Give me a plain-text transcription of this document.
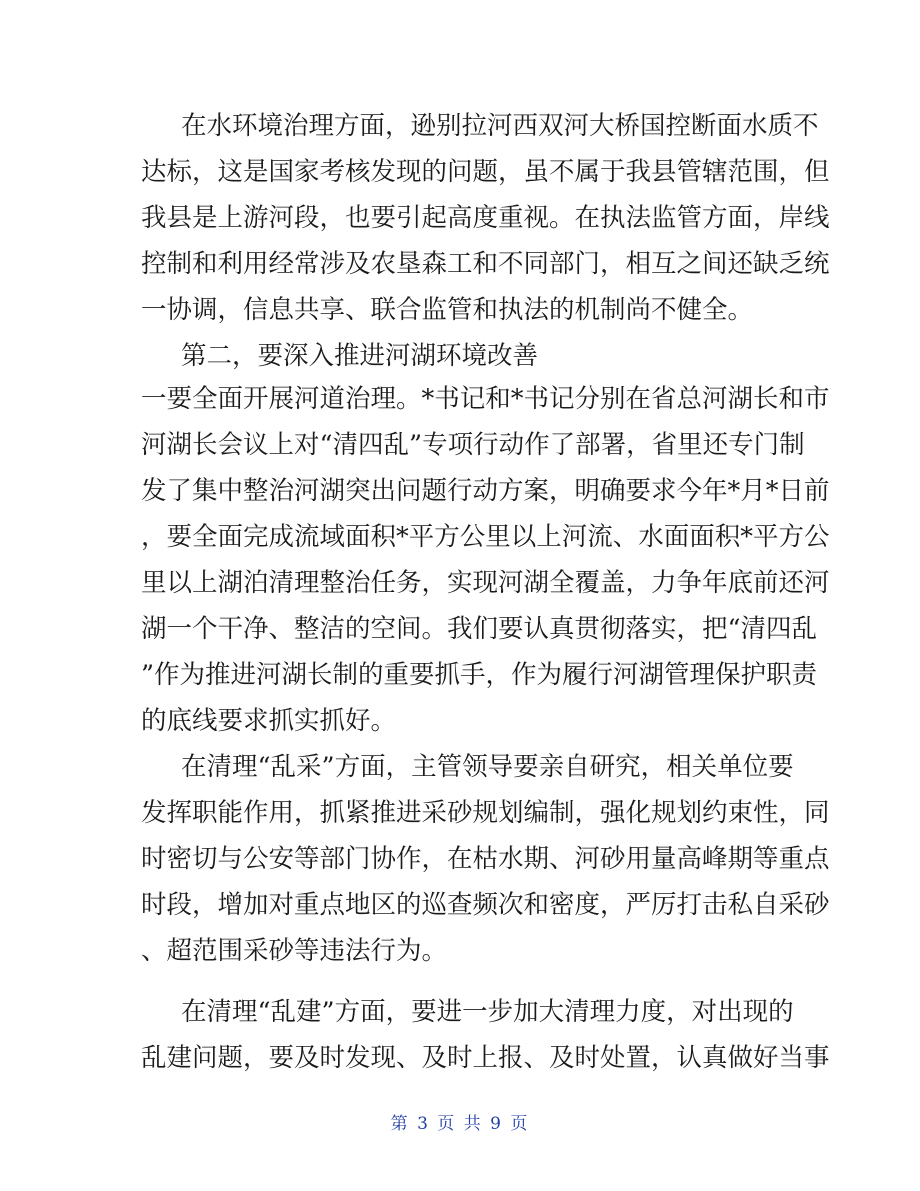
在水环境治理方面，逊别拉河西双河大桥国控断面水质不
达标，这是国家考核发现的问题，虽不属于我县管辖范围，但
我县是上游河段，也要引起高度重视。在执法监管方面，岸线
控制和利用经常涉及农垦森工和不同部门，相互之间还缺乏统
一协调，信息共享、联合监管和执法的机制尚不健全。
第二，要深入推进河湖环境改善
一要全面开展河道治理。*书记和*书记分别在省总河湖长和市
河湖长会议上对“清四乱”专项行动作了部署，省里还专门制
发了集中整治河湖突出问题行动方案，明确要求今年*月*日前
，要全面完成流域面积*平方公里以上河流、水面面积*平方公
里以上湖泊清理整治任务，实现河湖全覆盖，力争年底前还河
湖一个干净、整洁的空间。我们要认真贯彻落实，把“清四乱
”作为推进河湖长制的重要抓手，作为履行河湖管理保护职责
的底线要求抓实抓好。
在清理“乱采”方面，主管领导要亲自研究，相关单位要
发挥职能作用，抓紧推进采砂规划编制，强化规划约束性，同
时密切与公安等部门协作，在枯水期、河砂用量高峰期等重点
时段，增加对重点地区的巡查频次和密度，严厉打击私自采砂
、超范围采砂等违法行为。
在清理“乱建”方面，要进一步加大清理力度，对出现的
乱建问题，要及时发现、及时上报、及时处置，认真做好当事
第 3 页 共 9 页
